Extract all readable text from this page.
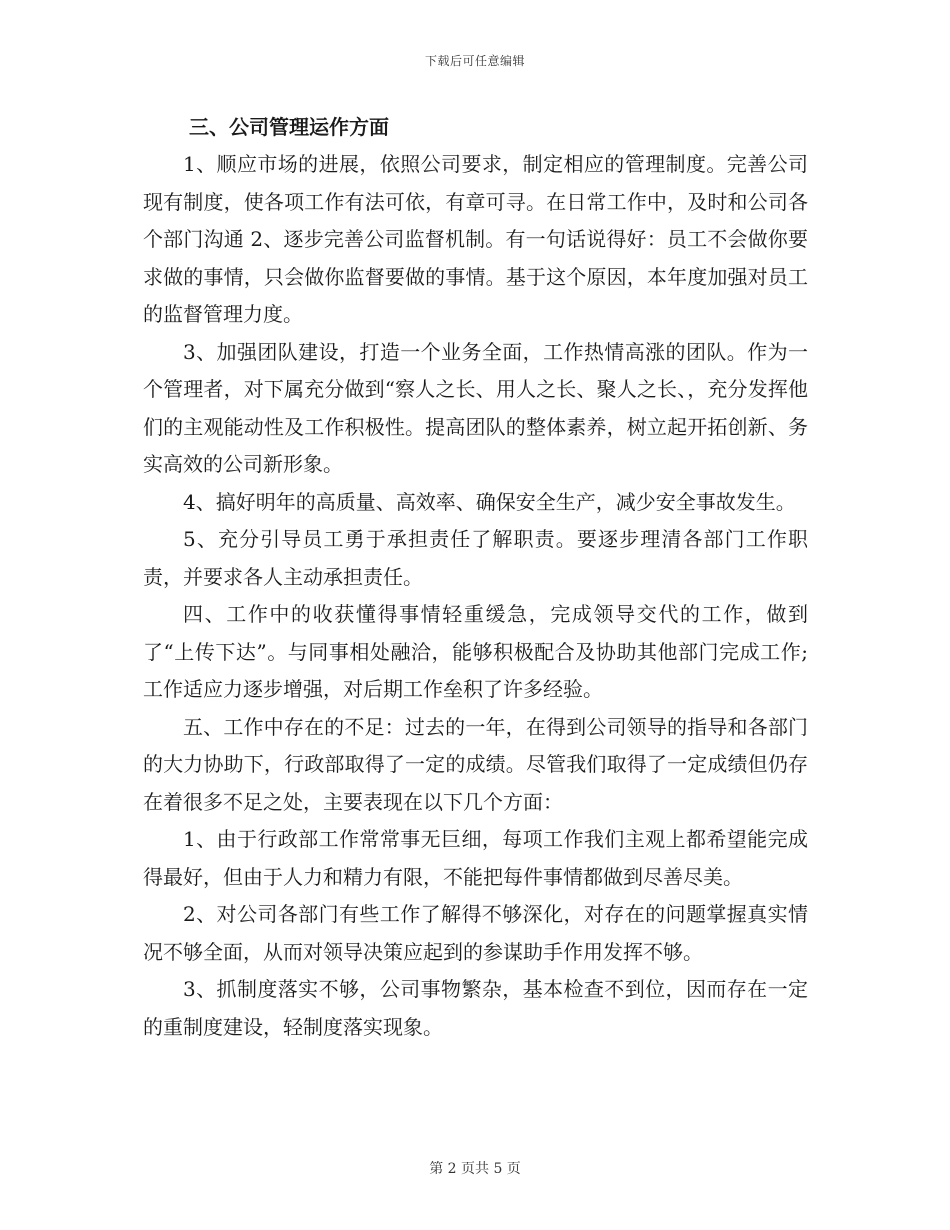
下载后可任意编辑
三、公司管理运作方面

1、顺应市场的进展，依照公司要求，制定相应的管理制度。完善公司现有制度，使各项工作有法可依，有章可寻。在日常工作中，及时和公司各个部门沟通 2、逐步完善公司监督机制。有一句话说得好：员工不会做你要求做的事情，只会做你监督要做的事情。基于这个原因，本年度加强对员工的监督管理力度。

3、加强团队建设，打造一个业务全面，工作热情高涨的团队。作为一个管理者，对下属充分做到“察人之长、用人之长、聚人之长、，充分发挥他们的主观能动性及工作积极性。提高团队的整体素养，树立起开拓创新、务实高效的公司新形象。

4、搞好明年的高质量、高效率、确保安全生产，减少安全事故发生。

5、充分引导员工勇于承担责任了解职责。要逐步理清各部门工作职责，并要求各人主动承担责任。

四、工作中的收获懂得事情轻重缓急，完成领导交代的工作，做到了“上传下达”。与同事相处融洽，能够积极配合及协助其他部门完成工作;工作适应力逐步增强，对后期工作垒积了许多经验。

五、工作中存在的不足：过去的一年，在得到公司领导的指导和各部门的大力协助下，行政部取得了一定的成绩。尽管我们取得了一定成绩但仍存在着很多不足之处，主要表现在以下几个方面：

1、由于行政部工作常常事无巨细，每项工作我们主观上都希望能完成得最好，但由于人力和精力有限，不能把每件事情都做到尽善尽美。

2、对公司各部门有些工作了解得不够深化，对存在的问题掌握真实情况不够全面，从而对领导决策应起到的参谋助手作用发挥不够。

3、抓制度落实不够，公司事物繁杂，基本检查不到位，因而存在一定的重制度建设，轻制度落实现象。

第 2 页共 5 页
